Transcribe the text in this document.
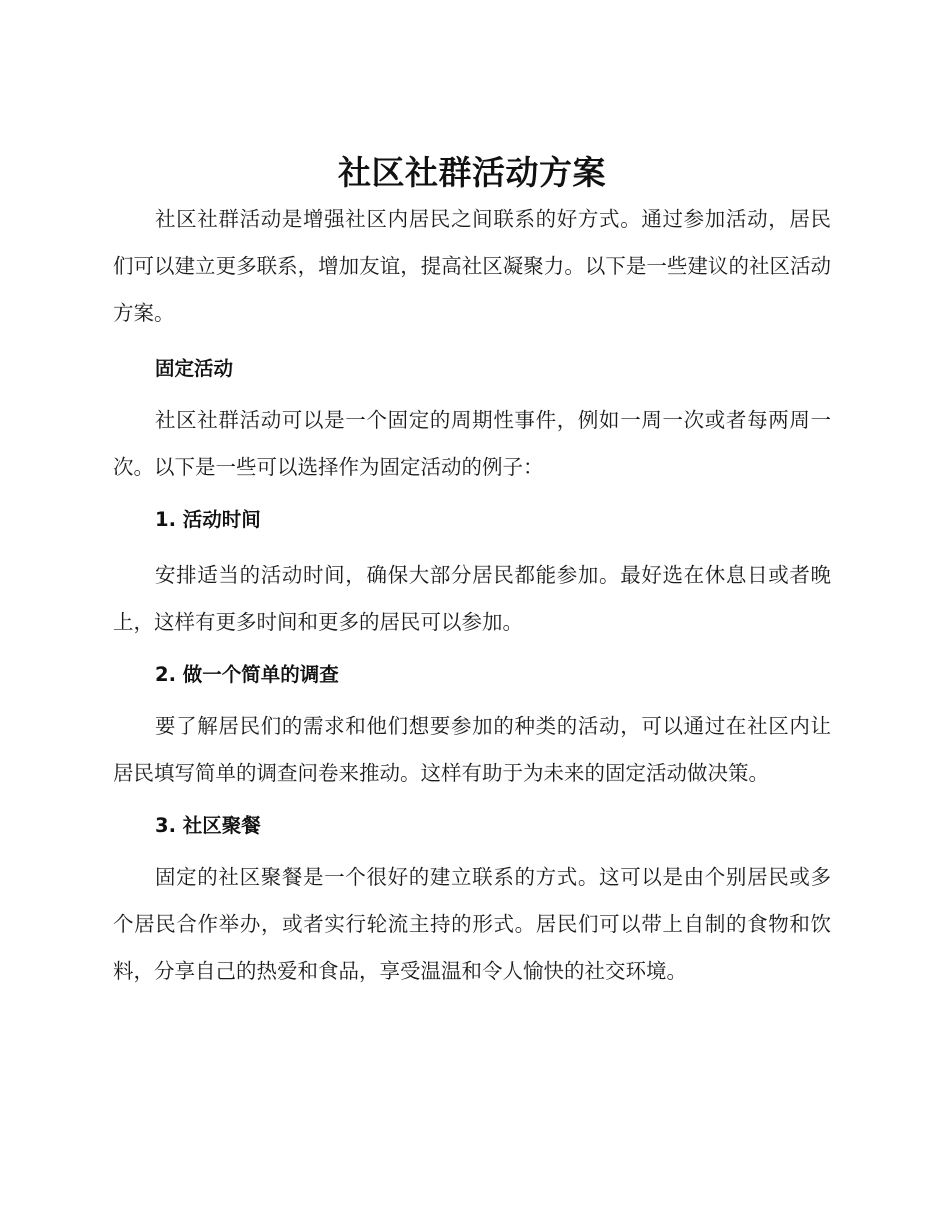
社区社群活动方案

社区社群活动是增强社区内居民之间联系的好方式。通过参加活动，居民们可以建立更多联系，增加友谊，提高社区凝聚力。以下是一些建议的社区活动方案。

固定活动

社区社群活动可以是一个固定的周期性事件，例如一周一次或者每两周一次。以下是一些可以选择作为固定活动的例子：

1. 活动时间

安排适当的活动时间，确保大部分居民都能参加。最好选在休息日或者晚上，这样有更多时间和更多的居民可以参加。

2. 做一个简单的调查

要了解居民们的需求和他们想要参加的种类的活动，可以通过在社区内让居民填写简单的调查问卷来推动。这样有助于为未来的固定活动做决策。

3. 社区聚餐

固定的社区聚餐是一个很好的建立联系的方式。这可以是由个别居民或多个居民合作举办，或者实行轮流主持的形式。居民们可以带上自制的食物和饮料，分享自己的热爱和食品，享受温温和令人愉快的社交环境。
